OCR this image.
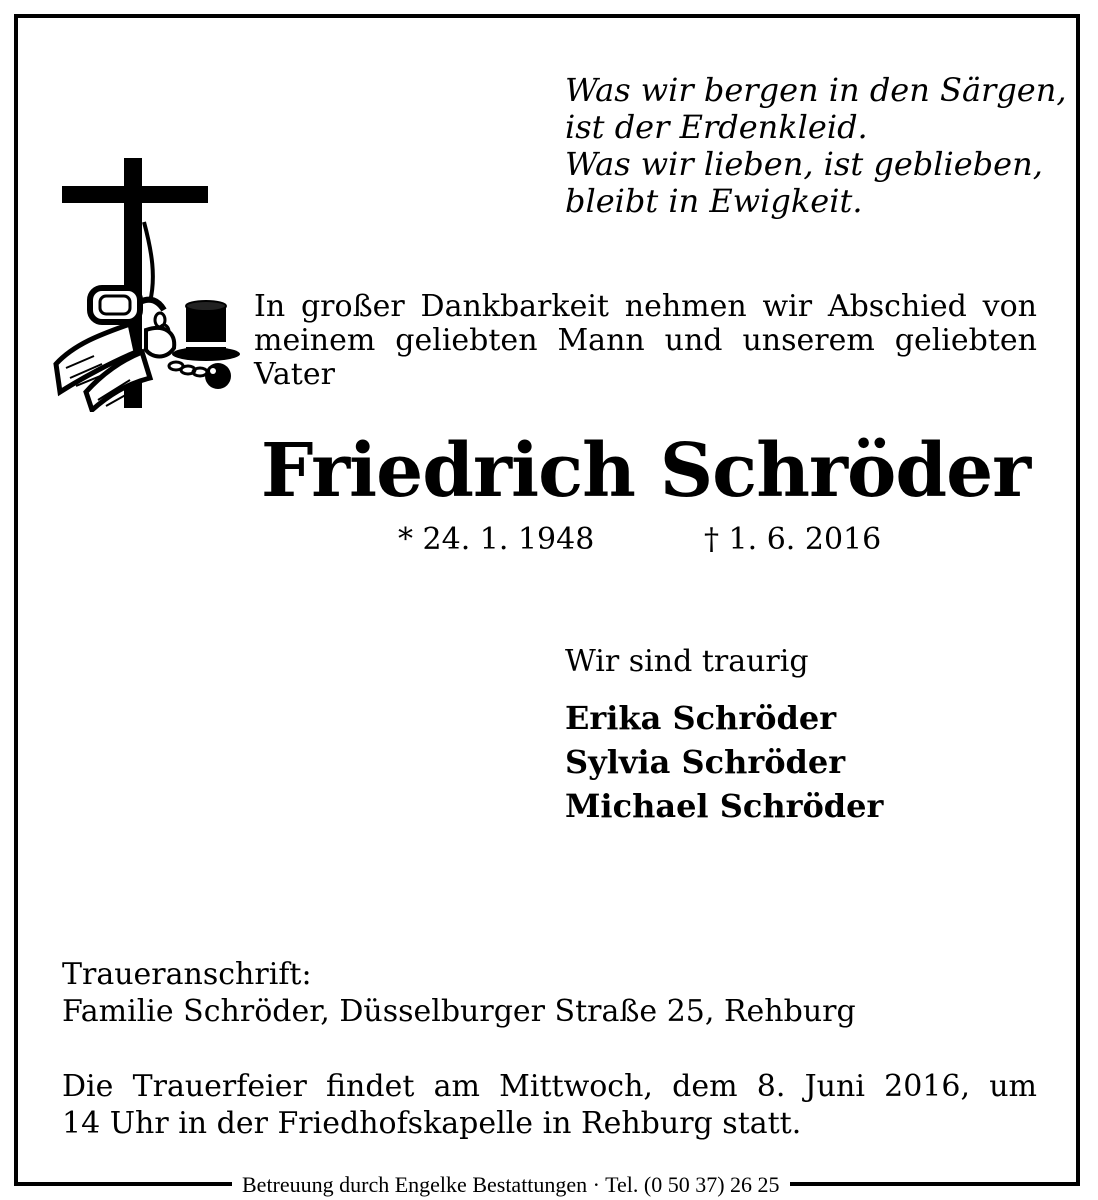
Was wir bergen in den Särgen,
ist der Erdenkleid.
Was wir lieben, ist geblieben,
bleibt in Ewigkeit.
In großer Dankbarkeit nehmen wir Abschied von
meinem geliebten Mann und unserem geliebten
Vater
Friedrich Schröder
* 24. 1. 1948	† 1. 6. 2016
Wir sind traurig
Erika Schröder
Sylvia Schröder
Michael Schröder
Traueranschrift:
Familie Schröder, Düsselburger Straße 25, Rehburg
Die Trauerfeier findet am Mittwoch, dem 8. Juni 2016, um
14 Uhr in der Friedhofskapelle in Rehburg statt.
Betreuung durch Engelke Bestattungen · Tel. (0 50 37) 26 25
